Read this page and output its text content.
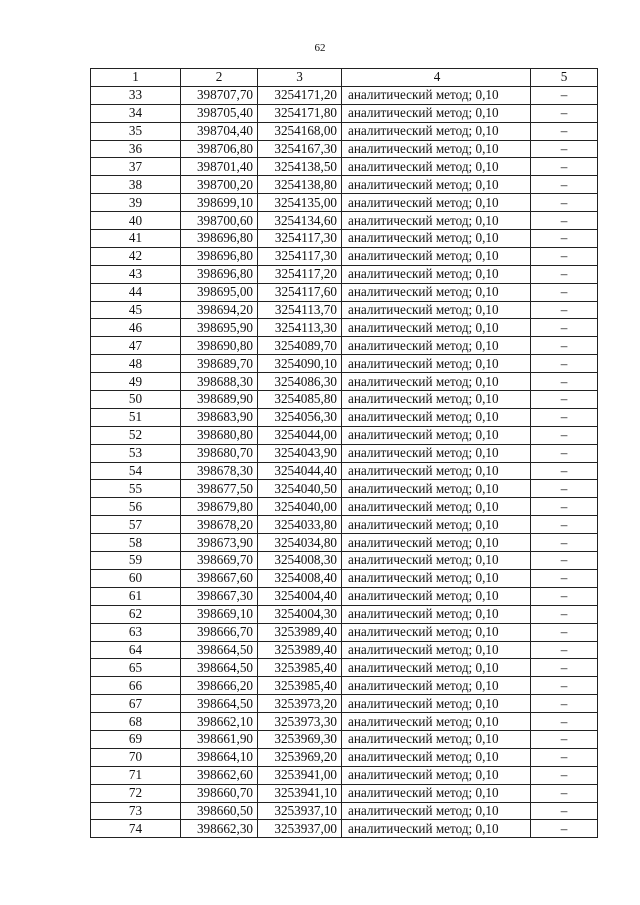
62
1	2	3	4	5
33	398707,70	3254171,20	аналитический метод; 0,10	–
34	398705,40	3254171,80	аналитический метод; 0,10	–
35	398704,40	3254168,00	аналитический метод; 0,10	–
36	398706,80	3254167,30	аналитический метод; 0,10	–
37	398701,40	3254138,50	аналитический метод; 0,10	–
38	398700,20	3254138,80	аналитический метод; 0,10	–
39	398699,10	3254135,00	аналитический метод; 0,10	–
40	398700,60	3254134,60	аналитический метод; 0,10	–
41	398696,80	3254117,30	аналитический метод; 0,10	–
42	398696,80	3254117,30	аналитический метод; 0,10	–
43	398696,80	3254117,20	аналитический метод; 0,10	–
44	398695,00	3254117,60	аналитический метод; 0,10	–
45	398694,20	3254113,70	аналитический метод; 0,10	–
46	398695,90	3254113,30	аналитический метод; 0,10	–
47	398690,80	3254089,70	аналитический метод; 0,10	–
48	398689,70	3254090,10	аналитический метод; 0,10	–
49	398688,30	3254086,30	аналитический метод; 0,10	–
50	398689,90	3254085,80	аналитический метод; 0,10	–
51	398683,90	3254056,30	аналитический метод; 0,10	–
52	398680,80	3254044,00	аналитический метод; 0,10	–
53	398680,70	3254043,90	аналитический метод; 0,10	–
54	398678,30	3254044,40	аналитический метод; 0,10	–
55	398677,50	3254040,50	аналитический метод; 0,10	–
56	398679,80	3254040,00	аналитический метод; 0,10	–
57	398678,20	3254033,80	аналитический метод; 0,10	–
58	398673,90	3254034,80	аналитический метод; 0,10	–
59	398669,70	3254008,30	аналитический метод; 0,10	–
60	398667,60	3254008,40	аналитический метод; 0,10	–
61	398667,30	3254004,40	аналитический метод; 0,10	–
62	398669,10	3254004,30	аналитический метод; 0,10	–
63	398666,70	3253989,40	аналитический метод; 0,10	–
64	398664,50	3253989,40	аналитический метод; 0,10	–
65	398664,50	3253985,40	аналитический метод; 0,10	–
66	398666,20	3253985,40	аналитический метод; 0,10	–
67	398664,50	3253973,20	аналитический метод; 0,10	–
68	398662,10	3253973,30	аналитический метод; 0,10	–
69	398661,90	3253969,30	аналитический метод; 0,10	–
70	398664,10	3253969,20	аналитический метод; 0,10	–
71	398662,60	3253941,00	аналитический метод; 0,10	–
72	398660,70	3253941,10	аналитический метод; 0,10	–
73	398660,50	3253937,10	аналитический метод; 0,10	–
74	398662,30	3253937,00	аналитический метод; 0,10	–
